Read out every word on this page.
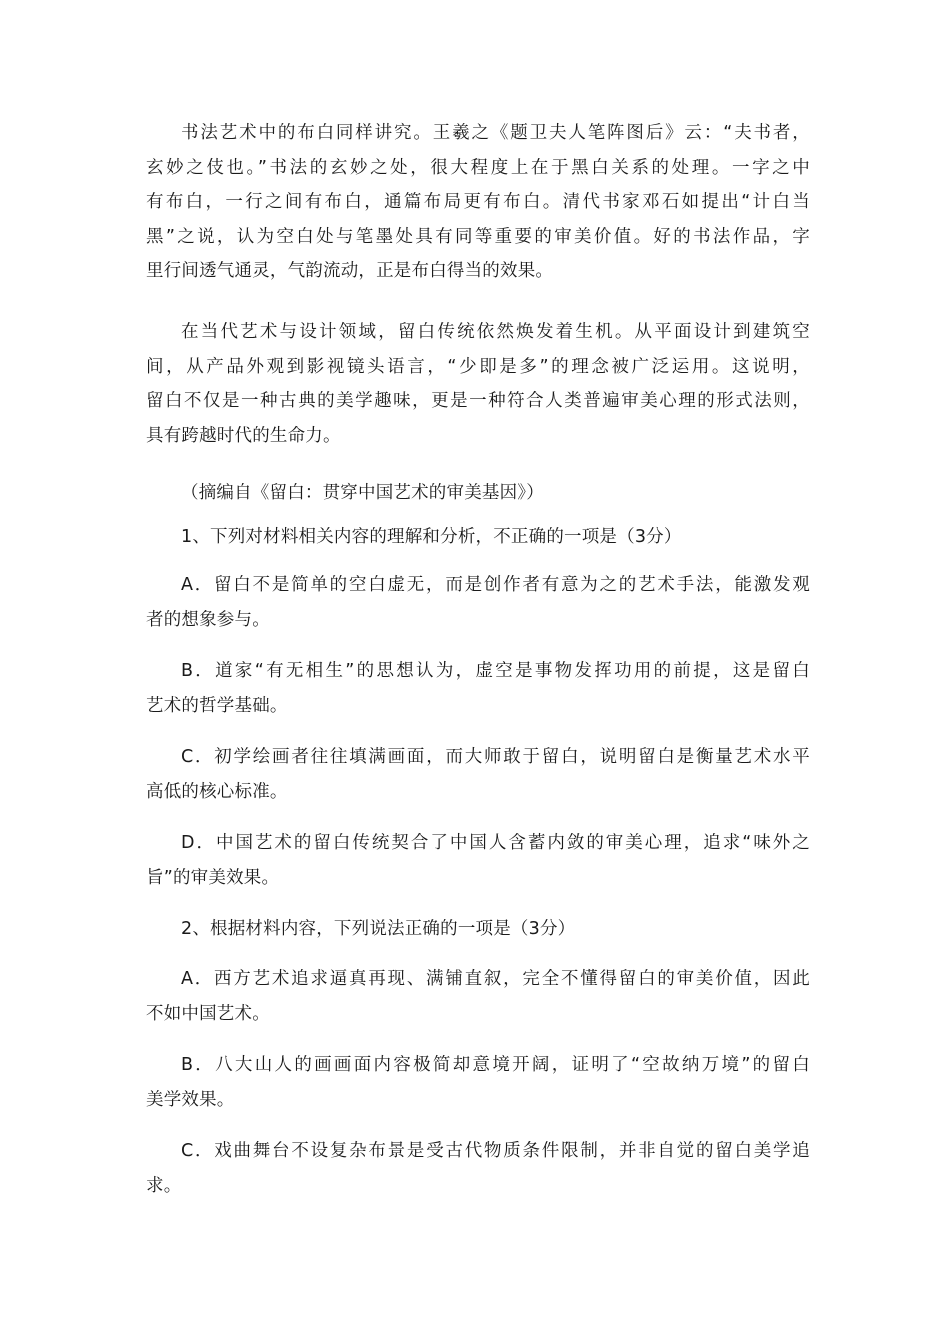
书法艺术中的布白同样讲究。王羲之《题卫夫人笔阵图后》云：“夫书者，
玄妙之伎也。”书法的玄妙之处，很大程度上在于黑白关系的处理。一字之中
有布白，一行之间有布白，通篇布局更有布白。清代书家邓石如提出“计白当
黑”之说，认为空白处与笔墨处具有同等重要的审美价值。好的书法作品，字
里行间透气通灵，气韵流动，正是布白得当的效果。

在当代艺术与设计领域，留白传统依然焕发着生机。从平面设计到建筑空
间，从产品外观到影视镜头语言，“少即是多”的理念被广泛运用。这说明，
留白不仅是一种古典的美学趣味，更是一种符合人类普遍审美心理的形式法则，
具有跨越时代的生命力。

（摘编自《留白：贯穿中国艺术的审美基因》）

1、下列对材料相关内容的理解和分析，不正确的一项是（3分）

A．留白不是简单的空白虚无，而是创作者有意为之的艺术手法，能激发观
者的想象参与。

B．道家“有无相生”的思想认为，虚空是事物发挥功用的前提，这是留白
艺术的哲学基础。

C．初学绘画者往往填满画面，而大师敢于留白，说明留白是衡量艺术水平
高低的核心标准。

D．中国艺术的留白传统契合了中国人含蓄内敛的审美心理，追求“味外之
旨”的审美效果。

2、根据材料内容，下列说法正确的一项是（3分）

A．西方艺术追求逼真再现、满铺直叙，完全不懂得留白的审美价值，因此
不如中国艺术。

B．八大山人的画画面内容极简却意境开阔，证明了“空故纳万境”的留白
美学效果。

C．戏曲舞台不设复杂布景是受古代物质条件限制，并非自觉的留白美学追
求。
